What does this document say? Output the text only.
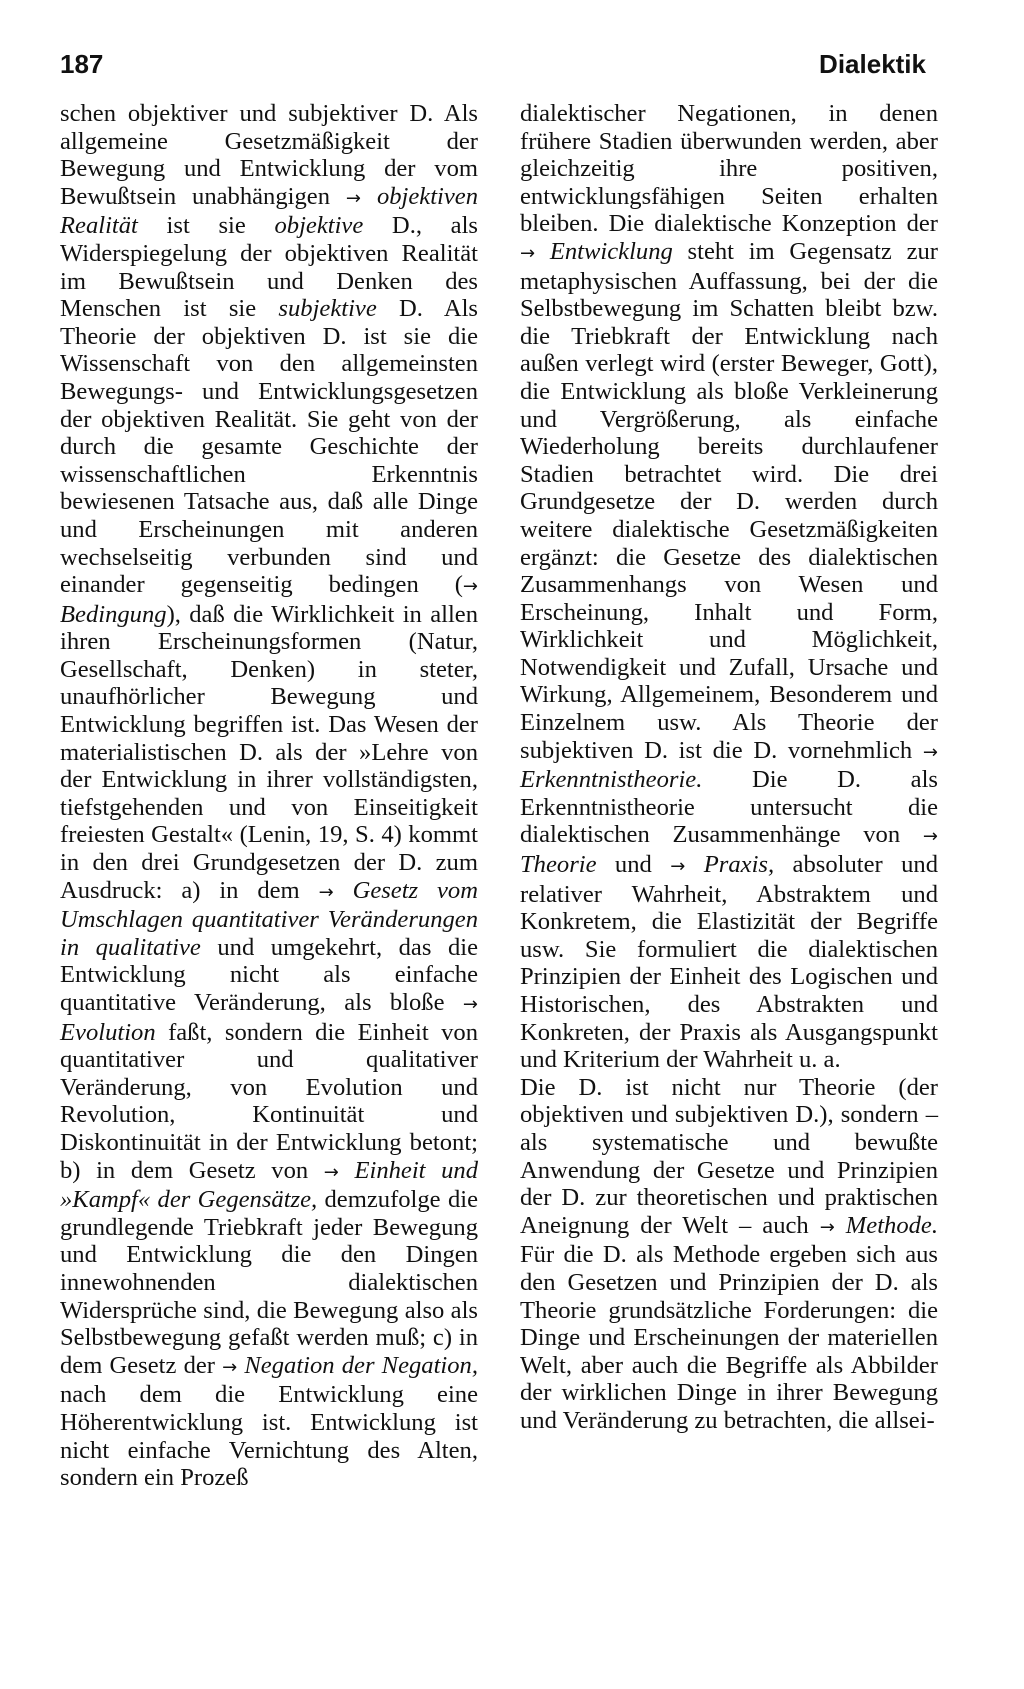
187	Dialektik

schen objektiver und subjektiver D. Als allgemeine Gesetzmäßigkeit der Bewegung und Entwicklung der vom Bewußtsein unabhängigen → objektiven Realität ist sie objektive D., als Widerspiegelung der objektiven Realität im Bewußtsein und Denken des Menschen ist sie subjektive D. Als Theorie der objektiven D. ist sie die Wissenschaft von den allgemeinsten Bewegungs- und Entwicklungsgesetzen der objektiven Realität. Sie geht von der durch die gesamte Geschichte der wissenschaftlichen Erkenntnis bewiesenen Tatsache aus, daß alle Dinge und Erscheinungen mit anderen wechselseitig verbunden sind und einander gegenseitig bedingen (→ Bedingung), daß die Wirklichkeit in allen ihren Erscheinungsformen (Natur, Gesellschaft, Denken) in steter, unaufhörlicher Bewegung und Entwicklung begriffen ist. Das Wesen der materialistischen D. als der »Lehre von der Entwicklung in ihrer vollständigsten, tiefstgehenden und von Einseitigkeit freiesten Gestalt« (Lenin, 19, S. 4) kommt in den drei Grundgesetzen der D. zum Ausdruck: a) in dem → Gesetz vom Umschlagen quantitativer Veränderungen in qualitative und umgekehrt, das die Entwicklung nicht als einfache quantitative Veränderung, als bloße → Evolution faßt, sondern die Einheit von quantitativer und qualitativer Veränderung, von Evolution und Revolution, Kontinuität und Diskontinuität in der Entwicklung betont; b) in dem Gesetz von → Einheit und »Kampf« der Gegensätze, demzufolge die grundlegende Triebkraft jeder Bewegung und Entwicklung die den Dingen innewohnenden dialektischen Widersprüche sind, die Bewegung also als Selbstbewegung gefaßt werden muß; c) in dem Gesetz der → Negation der Negation, nach dem die Entwicklung eine Höherentwicklung ist. Entwicklung ist nicht einfache Vernichtung des Alten, sondern ein Prozeß

dialektischer Negationen, in denen frühere Stadien überwunden werden, aber gleichzeitig ihre positiven, entwicklungsfähigen Seiten erhalten bleiben. Die dialektische Konzeption der → Entwicklung steht im Gegensatz zur metaphysischen Auffassung, bei der die Selbstbewegung im Schatten bleibt bzw. die Triebkraft der Entwicklung nach außen verlegt wird (erster Beweger, Gott), die Entwicklung als bloße Verkleinerung und Vergrößerung, als einfache Wiederholung bereits durchlaufener Stadien betrachtet wird. Die drei Grundgesetze der D. werden durch weitere dialektische Gesetzmäßigkeiten ergänzt: die Gesetze des dialektischen Zusammenhangs von Wesen und Erscheinung, Inhalt und Form, Wirklichkeit und Möglichkeit, Notwendigkeit und Zufall, Ursache und Wirkung, Allgemeinem, Besonderem und Einzelnem usw. Als Theorie der subjektiven D. ist die D. vornehmlich → Erkenntnistheorie. Die D. als Erkenntnistheorie untersucht die dialektischen Zusammenhänge von → Theorie und → Praxis, absoluter und relativer Wahrheit, Abstraktem und Konkretem, die Elastizität der Begriffe usw. Sie formuliert die dialektischen Prinzipien der Einheit des Logischen und Historischen, des Abstrakten und Konkreten, der Praxis als Ausgangspunkt und Kriterium der Wahrheit u. a.

Die D. ist nicht nur Theorie (der objektiven und subjektiven D.), sondern – als systematische und bewußte Anwendung der Gesetze und Prinzipien der D. zur theoretischen und praktischen Aneignung der Welt – auch → Methode. Für die D. als Methode ergeben sich aus den Gesetzen und Prinzipien der D. als Theorie grundsätzliche Forderungen: die Dinge und Erscheinungen der materiellen Welt, aber auch die Begriffe als Abbilder der wirklichen Dinge in ihrer Bewegung und Veränderung zu betrachten, die allsei-
